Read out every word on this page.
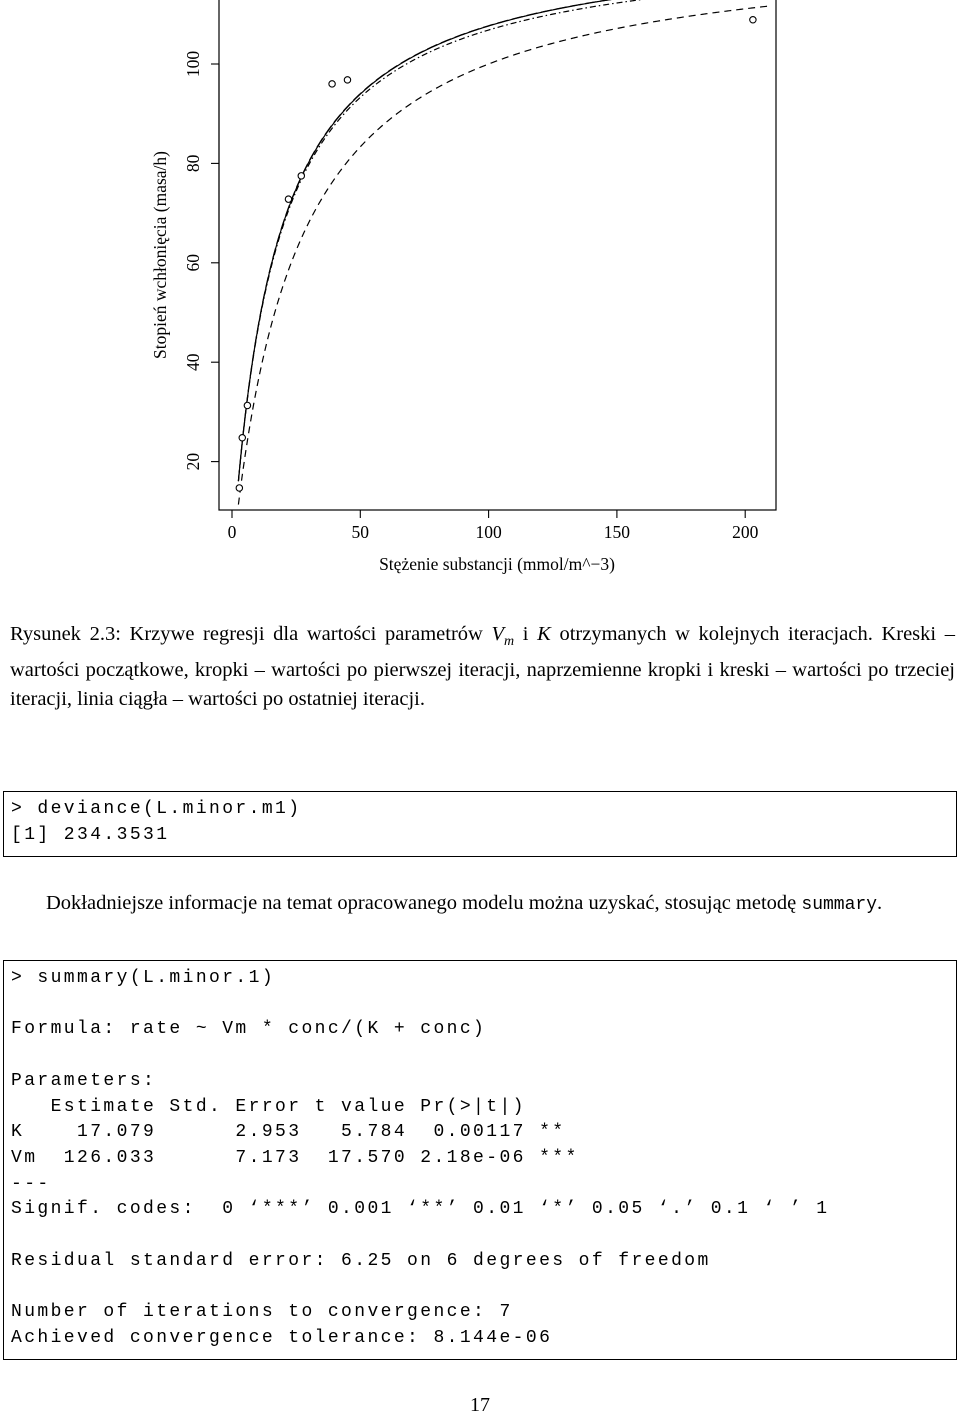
0	50	100	150	200
20
40
60
80
100
Stężenie substancji (mmol/m^−3)
Stopień wchłonięcia (masa/h)
Rysunek 2.3: Krzywe regresji dla wartości parametrów $V_m$ i K otrzymanych w kolejnych iteracjach. Kreski – wartości początkowe, kropki – wartości po pierwszej iteracji, naprzemienne kropki i kreski – wartości po trzeciej iteracji, linia ciągła – wartości po ostatniej iteracji.
> deviance(L.minor.m1)
[1] 234.3531
Dokładniejsze informacje na temat opracowanego modelu można uzyskać, stosując metodę summary.
> summary(L.minor.1)

Formula: rate ~ Vm * conc/(K + conc)

Parameters:
Estimate Std. Error t value Pr(>|t|)
K    17.079      2.953   5.784  0.00117 **
Vm  126.033      7.173  17.570 2.18e-06 ***
---
Signif. codes:  0 ‘***’ 0.001 ‘**’ 0.01 ‘*’ 0.05 ‘.’ 0.1 ‘ ’ 1

Residual standard error: 6.25 on 6 degrees of freedom

Number of iterations to convergence: 7
Achieved convergence tolerance: 8.144e-06
17
